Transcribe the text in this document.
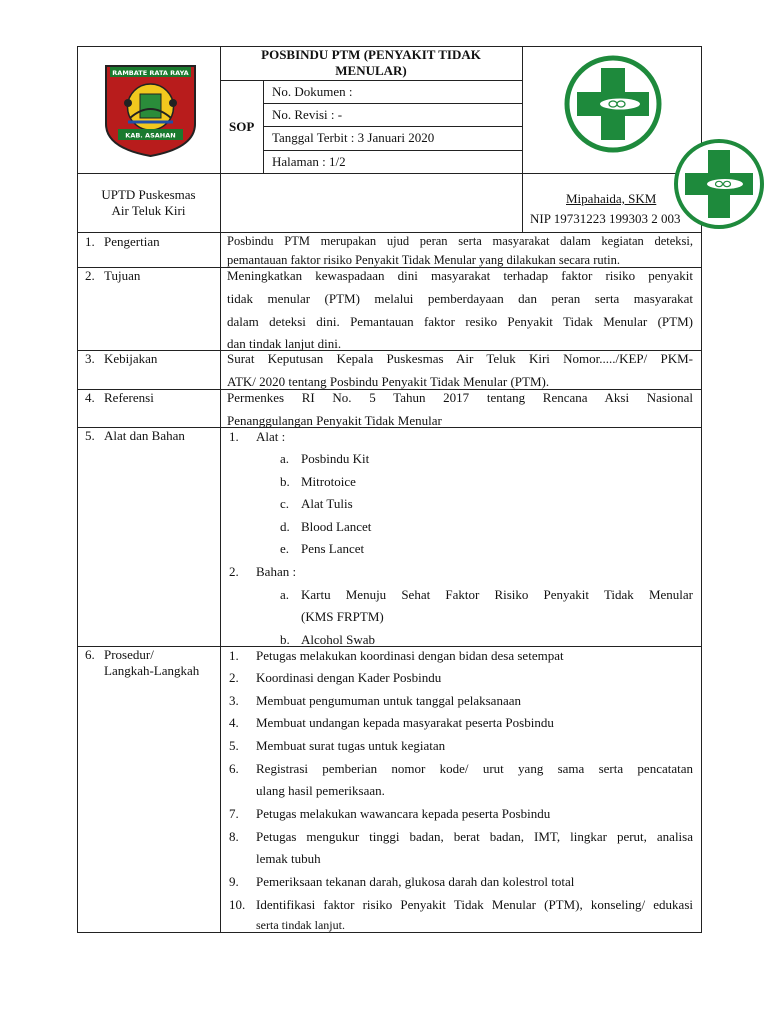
RAMBATE RATA RAYA
KAB. ASAHAN
POSBINDU PTM (PENYAKIT TIDAK
MENULAR)
SOP
No. Dokumen :
No. Revisi : -
Tanggal Terbit : 3 Januari 2020
Halaman : 1/2
UPTD Puskesmas
Air Teluk Kiri
Mipahaida, SKM
NIP 19731223 199303 2 003
1. Pengertian	Posbindu PTM merupakan ujud peran serta masyarakat dalam kegiatan deteksi,
pemantauan faktor risiko Penyakit Tidak Menular yang dilakukan secara rutin.
2. Tujuan	Meningkatkan kewaspadaan dini masyarakat terhadap faktor risiko penyakit
tidak menular (PTM) melalui pemberdayaan dan peran serta masyarakat
dalam deteksi dini. Pemantauan faktor resiko Penyakit Tidak Menular (PTM)
dan tindak lanjut dini.
3. Kebijakan	Surat Keputusan Kepala Puskesmas Air Teluk Kiri Nomor...../KEP/ PKM-
ATK/ 2020 tentang Posbindu Penyakit Tidak Menular (PTM).
4. Referensi	Permenkes RI No. 5 Tahun 2017 tentang Rencana Aksi Nasional
Penanggulangan Penyakit Tidak Menular
5. Alat dan Bahan	1. Alat :
a. Posbindu Kit
b. Mitrotoice
c. Alat Tulis
d. Blood Lancet
e. Pens Lancet
2. Bahan :
a. Kartu Menuju Sehat Faktor Risiko Penyakit Tidak Menular
(KMS FRPTM)
b. Alcohol Swab
6. Prosedur/
Langkah-Langkah
1. Petugas melakukan koordinasi dengan bidan desa setempat
2. Koordinasi dengan Kader Posbindu
3. Membuat pengumuman untuk tanggal pelaksanaan
4. Membuat undangan kepada masyarakat peserta Posbindu
5. Membuat surat tugas untuk kegiatan
6. Registrasi pemberian nomor kode/ urut yang sama serta pencatatan
ulang hasil pemeriksaan.
7. Petugas melakukan wawancara kepada peserta Posbindu
8. Petugas mengukur tinggi badan, berat badan, IMT, lingkar perut, analisa
lemak tubuh
9. Pemeriksaan tekanan darah, glukosa darah dan kolestrol total
10. Identifikasi faktor risiko Penyakit Tidak Menular (PTM), konseling/ edukasi
serta tindak lanjut.
